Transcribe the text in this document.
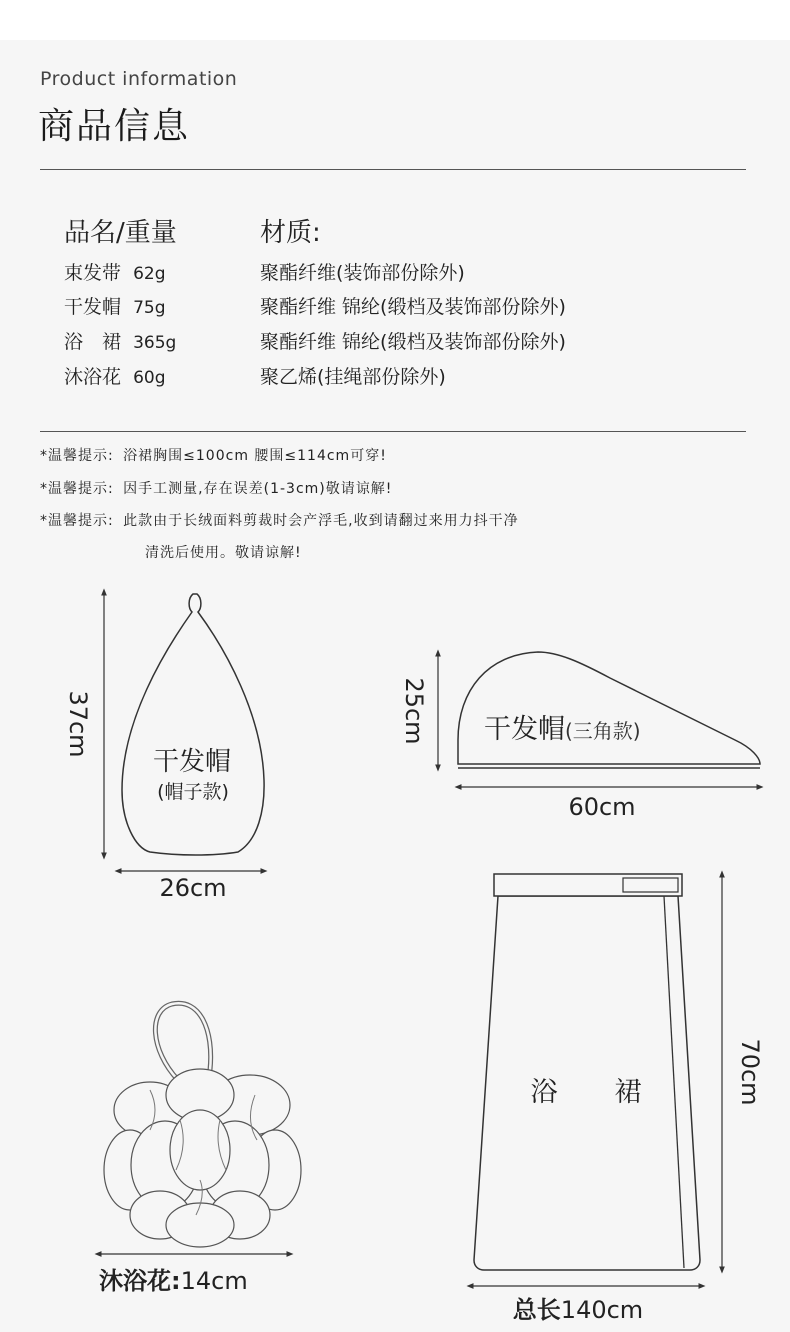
Product information
商品信息
品名/重量	材质:
束发带 62g	聚酯纤维(装饰部份除外)
干发帽 75g	聚酯纤维 锦纶(缎档及装饰部份除外)
浴　裙 365g	聚酯纤维 锦纶(缎档及装饰部份除外)
沐浴花 60g	聚乙烯(挂绳部份除外)
*温馨提示: 浴裙胸围≤100cm 腰围≤114cm可穿!
*温馨提示: 因手工测量,存在误差(1-3cm)敬请谅解!
*温馨提示: 此款由于长绒面料剪裁时会产浮毛,收到请翻过来用力抖干净
清洗后使用。敬请谅解!
37cm
干发帽
(帽子款)
26cm
25cm 干发帽(三角款)
60cm
浴 裙	70cm
总长140cm
沐浴花:14cm
